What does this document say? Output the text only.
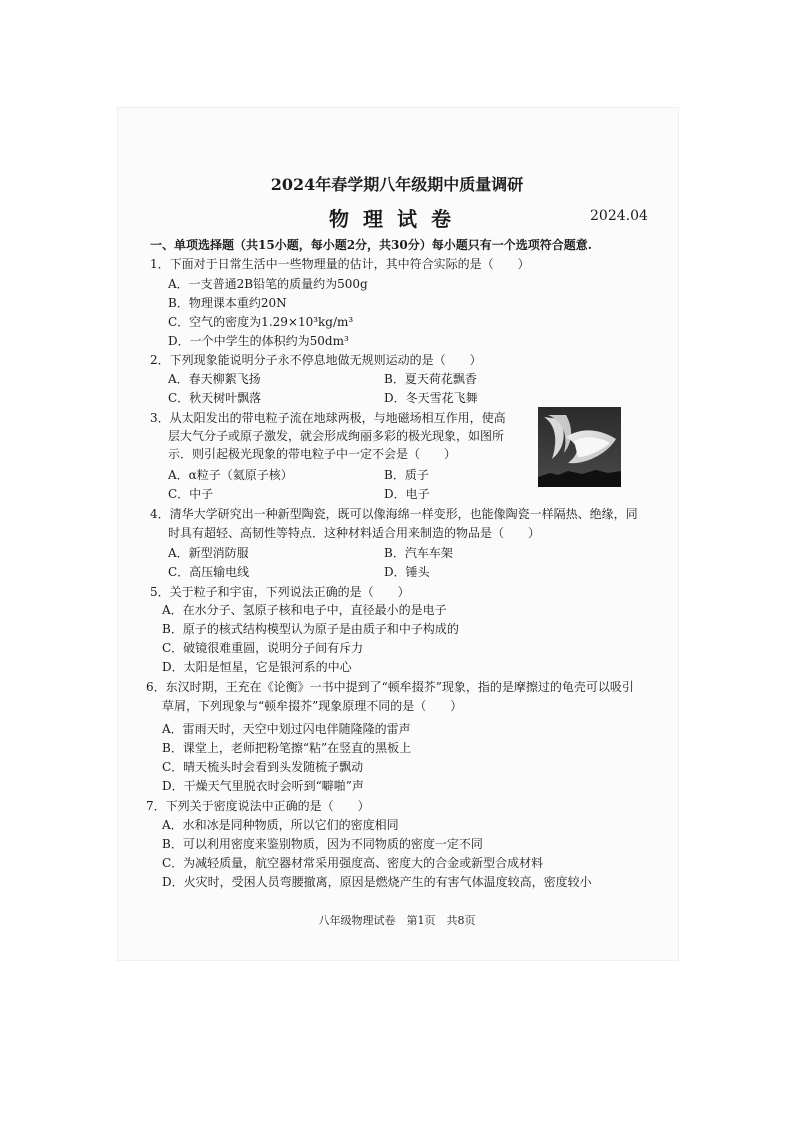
2024年春学期八年级期中质量调研
物理试卷	2024.04
一、单项选择题（共15小题，每小题2分，共30分）每小题只有一个选项符合题意.
1．下面对于日常生活中一些物理量的估计，其中符合实际的是（　　）
A．一支普通2B铅笔的质量约为500g
B．物理课本重约20N
C．空气的密度为1.29×10³kg/m³
D．一个中学生的体积约为50dm³
2．下列现象能说明分子永不停息地做无规则运动的是（　　）
A．春天柳絮飞扬	B．夏天荷花飘香
C．秋天树叶飘落	D．冬天雪花飞舞
3．从太阳发出的带电粒子流在地球两极，与地磁场相互作用，使高
层大气分子或原子激发，就会形成绚丽多彩的极光现象，如图所
示．则引起极光现象的带电粒子中一定不会是（　　）
A．α粒子（氦原子核）	B．质子
C．中子	D．电子
4．清华大学研究出一种新型陶瓷，既可以像海绵一样变形，也能像陶瓷一样隔热、绝缘，同
时具有超轻、高韧性等特点．这种材料适合用来制造的物品是（　　）
A．新型消防服	B．汽车车架
C．高压输电线	D．锤头
5．关于粒子和宇宙，下列说法正确的是（　　）
A．在水分子、氢原子核和电子中，直径最小的是电子
B．原子的核式结构模型认为原子是由质子和中子构成的
C．破镜很难重圆，说明分子间有斥力
D．太阳是恒星，它是银河系的中心
6．东汉时期，王充在《论衡》一书中提到了“顿牟掇芥”现象，指的是摩擦过的龟壳可以吸引
草屑，下列现象与“顿牟掇芥”现象原理不同的是（　　）
A．雷雨天时，天空中划过闪电伴随隆隆的雷声
B．课堂上，老师把粉笔擦“粘”在竖直的黑板上
C．晴天梳头时会看到头发随梳子飘动
D．干燥天气里脱衣时会听到“噼啪”声
7．下列关于密度说法中正确的是（　　）
A．水和冰是同种物质，所以它们的密度相同
B．可以利用密度来鉴别物质，因为不同物质的密度一定不同
C．为减轻质量，航空器材常采用强度高、密度大的合金或新型合成材料
D．火灾时，受困人员弯腰撤离，原因是燃烧产生的有害气体温度较高，密度较小
八年级物理试卷　第1页　共8页
